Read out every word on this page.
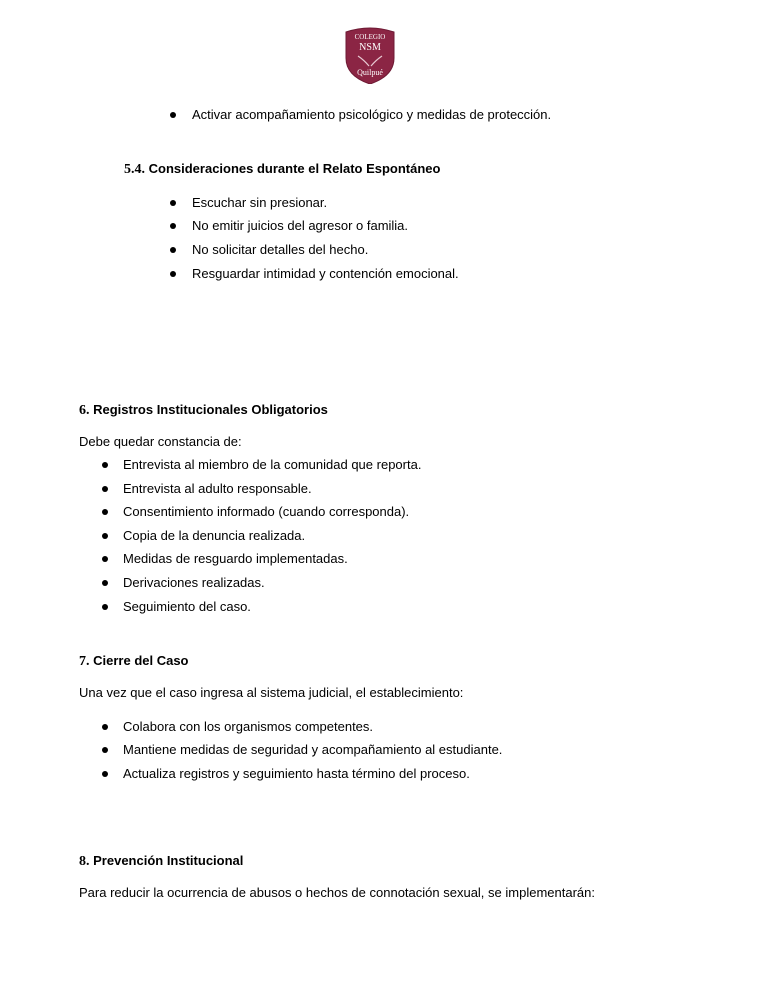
COLEGIO
NSM
Quilpué
Activar acompañamiento psicológico y medidas de protección.
5.4. Consideraciones durante el Relato Espontáneo
Escuchar sin presionar.
No emitir juicios del agresor o familia.
No solicitar detalles del hecho.
Resguardar intimidad y contención emocional.
6. Registros Institucionales Obligatorios
Debe quedar constancia de:
Entrevista al miembro de la comunidad que reporta.
Entrevista al adulto responsable.
Consentimiento informado (cuando corresponda).
Copia de la denuncia realizada.
Medidas de resguardo implementadas.
Derivaciones realizadas.
Seguimiento del caso.
7. Cierre del Caso
Una vez que el caso ingresa al sistema judicial, el establecimiento:
Colabora con los organismos competentes.
Mantiene medidas de seguridad y acompañamiento al estudiante.
Actualiza registros y seguimiento hasta término del proceso.
8. Prevención Institucional
Para reducir la ocurrencia de abusos o hechos de connotación sexual, se implementarán:
